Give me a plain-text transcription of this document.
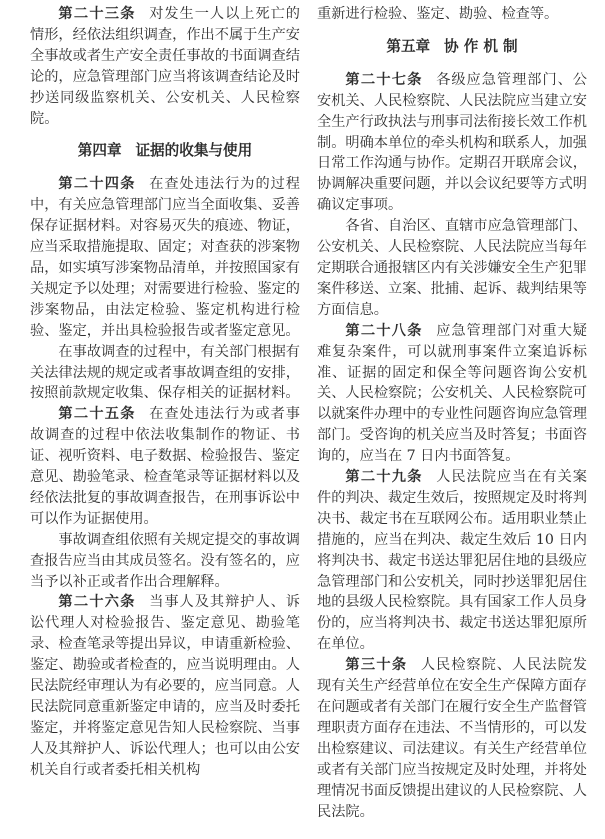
第二十三条 对发生一人以上死亡的情形，经依法组织调查，作出不属于生产安全事故或者生产安全责任事故的书面调查结论的，应急管理部门应当将该调查结论及时抄送同级监察机关、公安机关、人民检察院。

第四章 证据的收集与使用

第二十四条 在查处违法行为的过程中，有关应急管理部门应当全面收集、妥善保存证据材料。对容易灭失的痕迹、物证，应当采取措施提取、固定；对查获的涉案物品，如实填写涉案物品清单，并按照国家有关规定予以处理；对需要进行检验、鉴定的涉案物品，由法定检验、鉴定机构进行检验、鉴定，并出具检验报告或者鉴定意见。

在事故调查的过程中，有关部门根据有关法律法规的规定或者事故调查组的安排，按照前款规定收集、保存相关的证据材料。

第二十五条 在查处违法行为或者事故调查的过程中依法收集制作的物证、书证、视听资料、电子数据、检验报告、鉴定意见、勘验笔录、检查笔录等证据材料以及经依法批复的事故调查报告，在刑事诉讼中可以作为证据使用。

事故调查组依照有关规定提交的事故调查报告应当由其成员签名。没有签名的，应当予以补正或者作出合理解释。

第二十六条 当事人及其辩护人、诉讼代理人对检验报告、鉴定意见、勘验笔录、检查笔录等提出异议，申请重新检验、鉴定、勘验或者检查的，应当说明理由。人民法院经审理认为有必要的，应当同意。人民法院同意重新鉴定申请的，应当及时委托鉴定，并将鉴定意见告知人民检察院、当事人及其辩护人、诉讼代理人；也可以由公安机关自行或者委托相关机构

重新进行检验、鉴定、勘验、检查等。

第五章 协 作 机 制

第二十七条 各级应急管理部门、公安机关、人民检察院、人民法院应当建立安全生产行政执法与刑事司法衔接长效工作机制。明确本单位的牵头机构和联系人，加强日常工作沟通与协作。定期召开联席会议，协调解决重要问题，并以会议纪要等方式明确议定事项。

各省、自治区、直辖市应急管理部门、公安机关、人民检察院、人民法院应当每年定期联合通报辖区内有关涉嫌安全生产犯罪案件移送、立案、批捕、起诉、裁判结果等方面信息。

第二十八条 应急管理部门对重大疑难复杂案件，可以就刑事案件立案追诉标准、证据的固定和保全等问题咨询公安机关、人民检察院；公安机关、人民检察院可以就案件办理中的专业性问题咨询应急管理部门。受咨询的机关应当及时答复；书面咨询的，应当在 7 日内书面答复。

第二十九条 人民法院应当在有关案件的判决、裁定生效后，按照规定及时将判决书、裁定书在互联网公布。适用职业禁止措施的，应当在判决、裁定生效后 10 日内将判决书、裁定书送达罪犯居住地的县级应急管理部门和公安机关，同时抄送罪犯居住地的县级人民检察院。具有国家工作人员身份的，应当将判决书、裁定书送达罪犯原所在单位。

第三十条 人民检察院、人民法院发现有关生产经营单位在安全生产保障方面存在问题或者有关部门在履行安全生产监督管理职责方面存在违法、不当情形的，可以发出检察建议、司法建议。有关生产经营单位或者有关部门应当按规定及时处理，并将处理情况书面反馈提出建议的人民检察院、人民法院。
